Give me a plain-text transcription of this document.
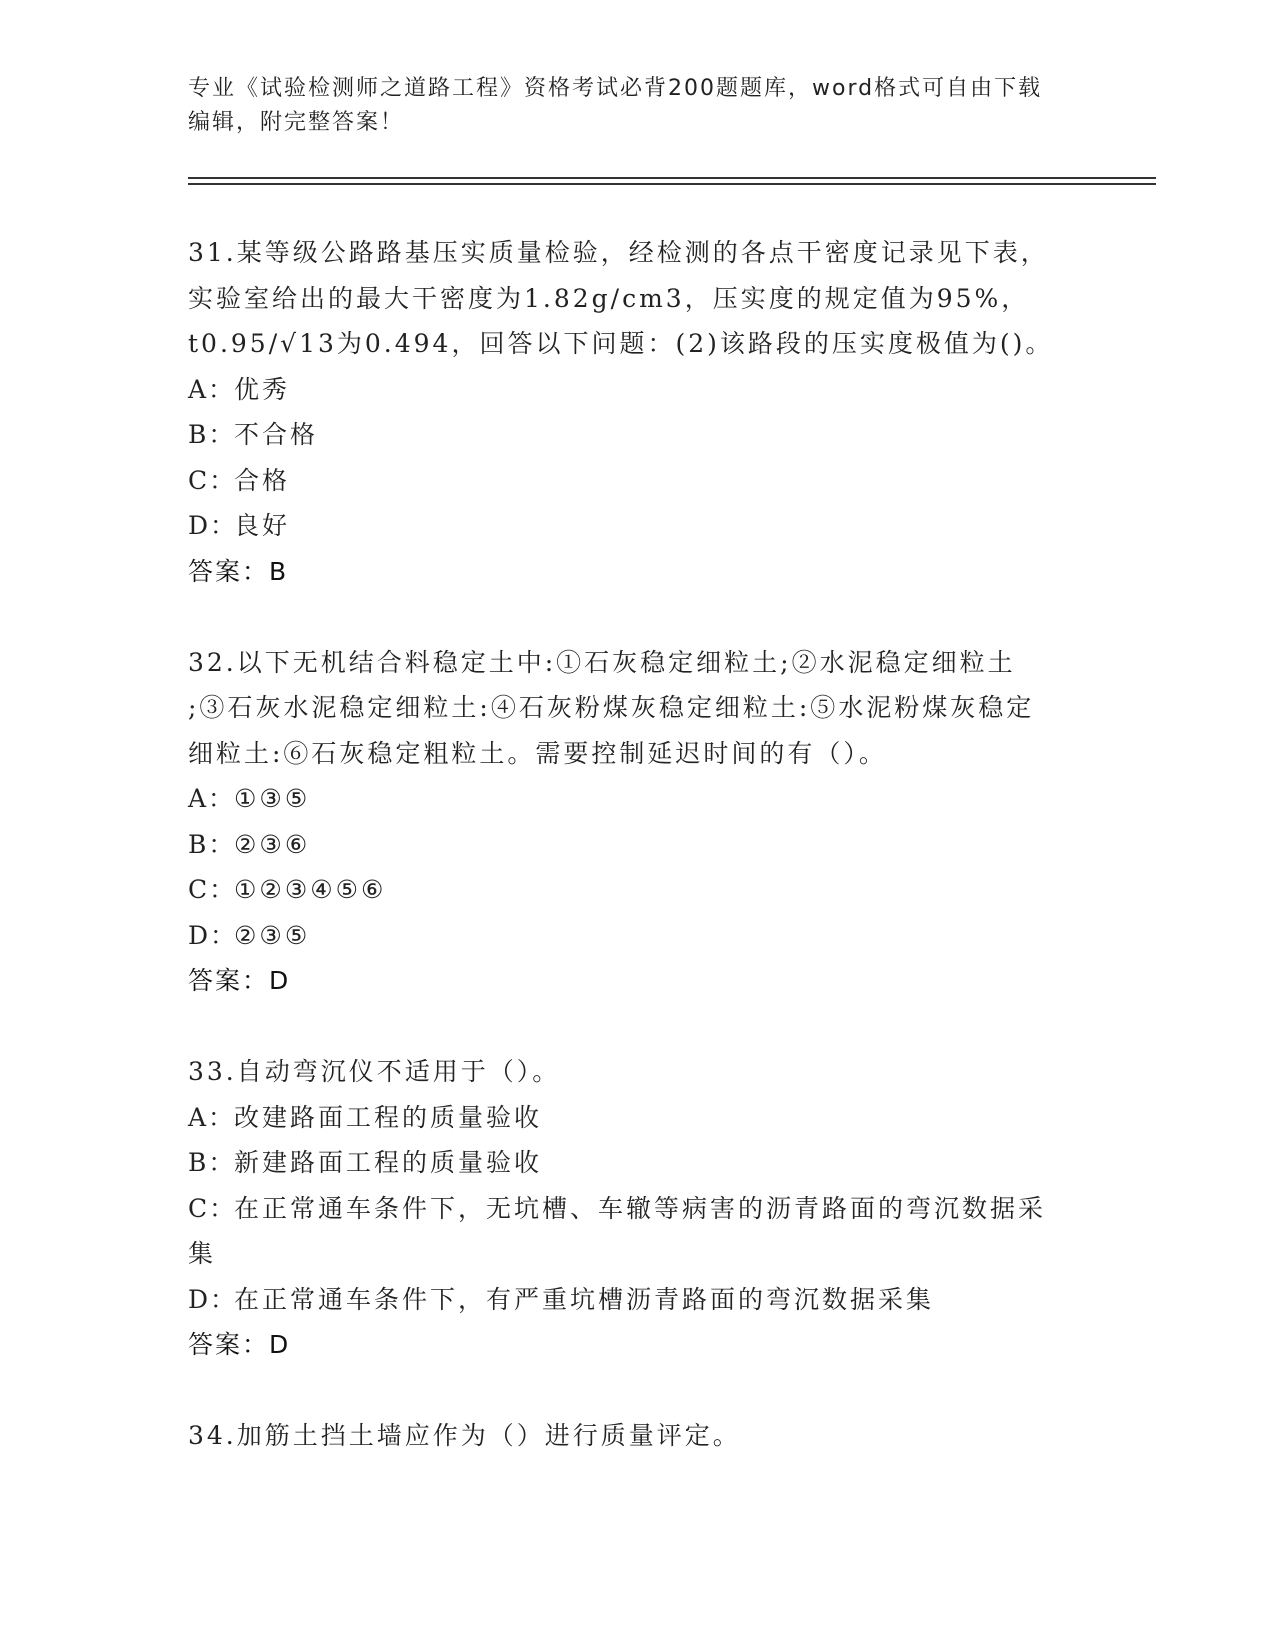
专业《试验检测师之道路工程》资格考试必背200题题库，word格式可自由下载
编辑，附完整答案！

31.某等级公路路基压实质量检验，经检测的各点干密度记录见下表，

实验室给出的最大干密度为1.82g/cm3，压实度的规定值为95%，

t0.95/√13为0.494，回答以下问题：(2)该路段的压实度极值为()。

A：优秀

B：不合格

C：合格

D：良好

答案：B

32.以下无机结合料稳定土中:①石灰稳定细粒土;②水泥稳定细粒土

;③石灰水泥稳定细粒土:④石灰粉煤灰稳定细粒土:⑤水泥粉煤灰稳定

细粒土:⑥石灰稳定粗粒土。需要控制延迟时间的有（）。

A：①③⑤

B：②③⑥

C：①②③④⑤⑥

D：②③⑤

答案：D

33.自动弯沉仪不适用于（）。

A：改建路面工程的质量验收

B：新建路面工程的质量验收

C：在正常通车条件下，无坑槽、车辙等病害的沥青路面的弯沉数据采

集

D：在正常通车条件下，有严重坑槽沥青路面的弯沉数据采集

答案：D

34.加筋土挡土墙应作为（）进行质量评定。
